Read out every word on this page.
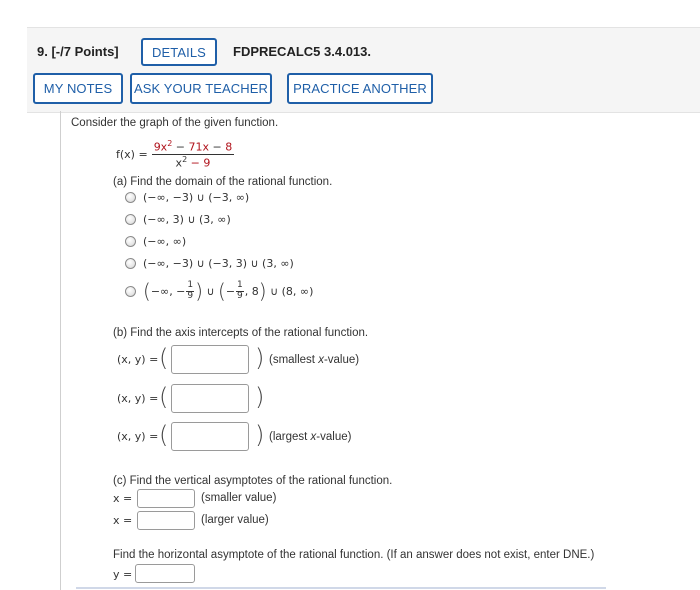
9. [-/7 Points]	DETAILS	FDPRECALC5 3.4.013.
MY NOTES	ASK YOUR TEACHER	PRACTICE ANOTHER
Consider the graph of the given function.
$f(x) = \frac{9x^2 - 71x - 8}{x^2 - 9}$
(a) Find the domain of the rational function.
(−∞, −3) ∪ (−3, ∞)
(−∞, 3) ∪ (3, ∞)
(−∞, ∞)
(−∞, −3) ∪ (−3, 3) ∪ (3, ∞)
( −∞, − $\frac{1}{9}$ ) ∪ ( − $\frac{1}{9}$ , 8 ) ∪ (8, ∞)
(b) Find the axis intercepts of the rational function.
(x, y) = (	) (smallest x-value)
(x, y) = (	)
(x, y) = (	) (largest x-value)
(c) Find the vertical asymptotes of the rational function.
x =	(smaller value)
x =	(larger value)
Find the horizontal asymptote of the rational function. (If an answer does not exist, enter DNE.)
y =
